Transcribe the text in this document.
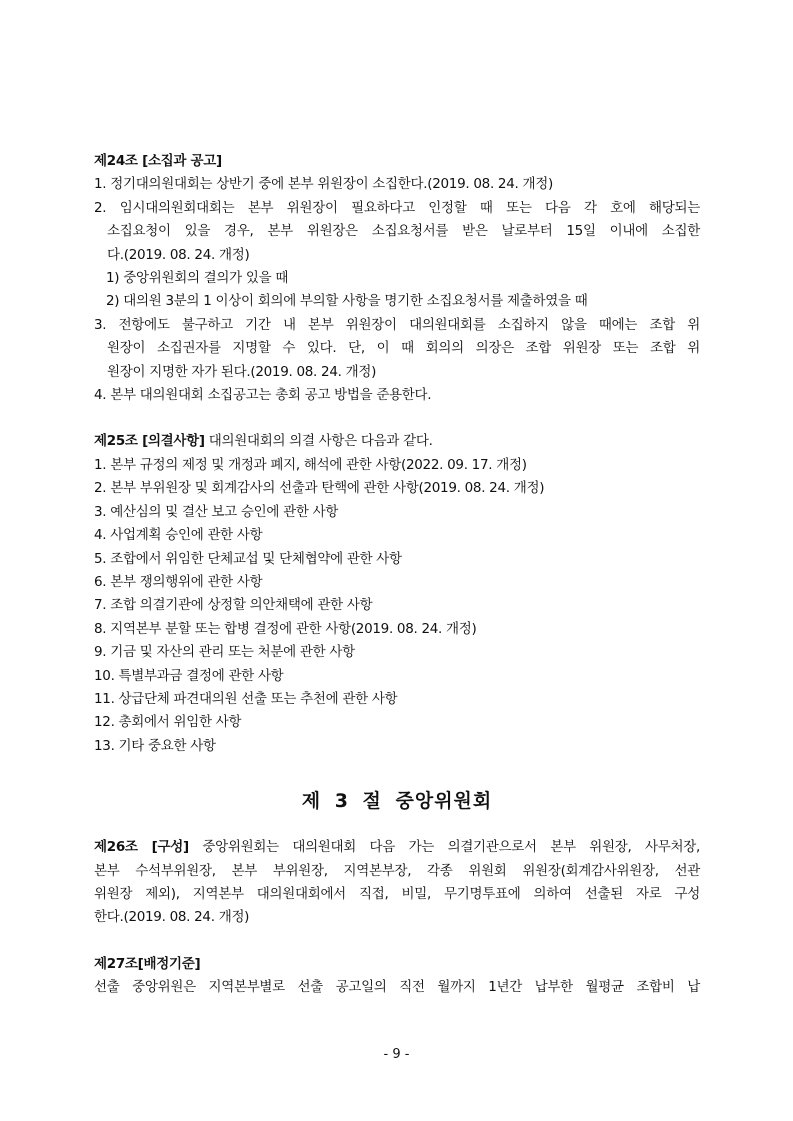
제24조 [소집과 공고]
1. 정기대의원대회는 상반기 중에 본부 위원장이 소집한다.(2019. 08. 24. 개정)
2. 임시대의원회대회는 본부 위원장이 필요하다고 인정할 때 또는 다음 각 호에 해당되는
소집요청이 있을 경우, 본부 위원장은 소집요청서를 받은 날로부터 15일 이내에 소집한
다.(2019. 08. 24. 개정)
1) 중앙위원회의 결의가 있을 때
2) 대의원 3분의 1 이상이 회의에 부의할 사항을 명기한 소집요청서를 제출하였을 때
3. 전항에도 불구하고 기간 내 본부 위원장이 대의원대회를 소집하지 않을 때에는 조합 위
원장이 소집권자를 지명할 수 있다. 단, 이 때 회의의 의장은 조합 위원장 또는 조합 위
원장이 지명한 자가 된다.(2019. 08. 24. 개정)
4. 본부 대의원대회 소집공고는 총회 공고 방법을 준용한다.
제25조 [의결사항] 대의원대회의 의결 사항은 다음과 같다.
1. 본부 규정의 제정 및 개정과 폐지, 해석에 관한 사항(2022. 09. 17. 개정)
2. 본부 부위원장 및 회계감사의 선출과 탄핵에 관한 사항(2019. 08. 24. 개정)
3. 예산심의 및 결산 보고 승인에 관한 사항
4. 사업계획 승인에 관한 사항
5. 조합에서 위임한 단체교섭 및 단체협약에 관한 사항
6. 본부 쟁의행위에 관한 사항
7. 조합 의결기관에 상정할 의안채택에 관한 사항
8. 지역본부 분할 또는 합병 결정에 관한 사항(2019. 08. 24. 개정)
9. 기금 및 자산의 관리 또는 처분에 관한 사항
10. 특별부과금 결정에 관한 사항
11. 상급단체 파견대의원 선출 또는 추천에 관한 사항
12. 총회에서 위임한 사항
13. 기타 중요한 사항
제 3 절 중앙위원회
제26조 [구성] 중앙위원회는 대의원대회 다음 가는 의결기관으로서 본부 위원장, 사무처장,
본부 수석부위원장, 본부 부위원장, 지역본부장, 각종 위원회 위원장(회계감사위원장, 선관
위원장 제외), 지역본부 대의원대회에서 직접, 비밀, 무기명투표에 의하여 선출된 자로 구성
한다.(2019. 08. 24. 개정)
제27조[배정기준]
선출 중앙위원은 지역본부별로 선출 공고일의 직전 월까지 1년간 납부한 월평균 조합비 납
- 9 -
